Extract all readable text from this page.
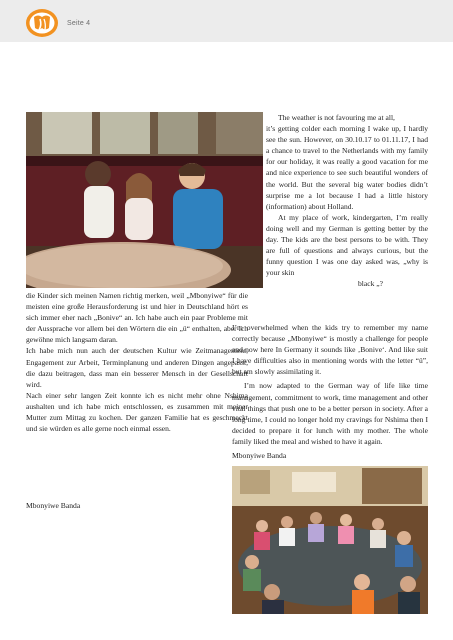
Seite 4

The weather is not favouring me at all,

it’s getting colder each morning I wake up, I hardly see the sun. However, on 30.10.17 to 01.11.17, I had a chance to travel to the Netherlands with my family for our holiday, it was really a good vacation for me and nice experience to see such beautiful wonders of the world. But the several big water bodies didn’t surprise me a lot because I had a little history (information) about Holland.

At my place of work, kindergarten, I’m really doing well and my German is getting better by the day. The kids are the best persons to be with. They are full of questions and always curious, but the funny question I was one day asked was, „why is your skin

black „?

I’m overwhelmed when the kids try to remember my name correctly because „Mbonyiwe“ is mostly a challenge for people and now here In Germany it sounds like ‚Bonive‘. And like suit I have difficulties also in mentioning words with the letter “ü”, but am slowly assimilating it.

I’m now adapted to the German way of life like time management, commitment to work, time management and other vital things that push one to be a better person in society. After a long time, I could no longer hold my cravings for Nshima then I decided to prepare it for lunch with my mother. The whole family liked the meal and wished to have it again.

Mbonyiwe Banda

die Kinder sich meinen Namen richtig merken, weil „Mbonyiwe“ für die meisten eine große Herausforderung ist und hier in Deutschland hört es sich immer eher nach „Bonive“ an. Ich habe auch ein paar Probleme mit der Aussprache vor allem bei den Wörtern die ein „ü“ enthalten, aber ich gewöhne mich langsam daran.

Ich habe mich nun auch der deutschen Kultur wie Zeitmanagement, Engagement zur Arbeit, Terminplanung und anderen Dingen angepasst, die dazu beitragen, dass man ein besserer Mensch in der Gesellschaft wird.

Nach einer sehr langen Zeit konnte ich es nicht mehr ohne Nshima aushalten und ich habe mich entschlossen, es zusammen mit meiner Mutter zum Mittag zu kochen. Der ganzen Familie hat es geschmeckt und sie würden es alle gerne noch einmal essen.

Mbonyiwe Banda
